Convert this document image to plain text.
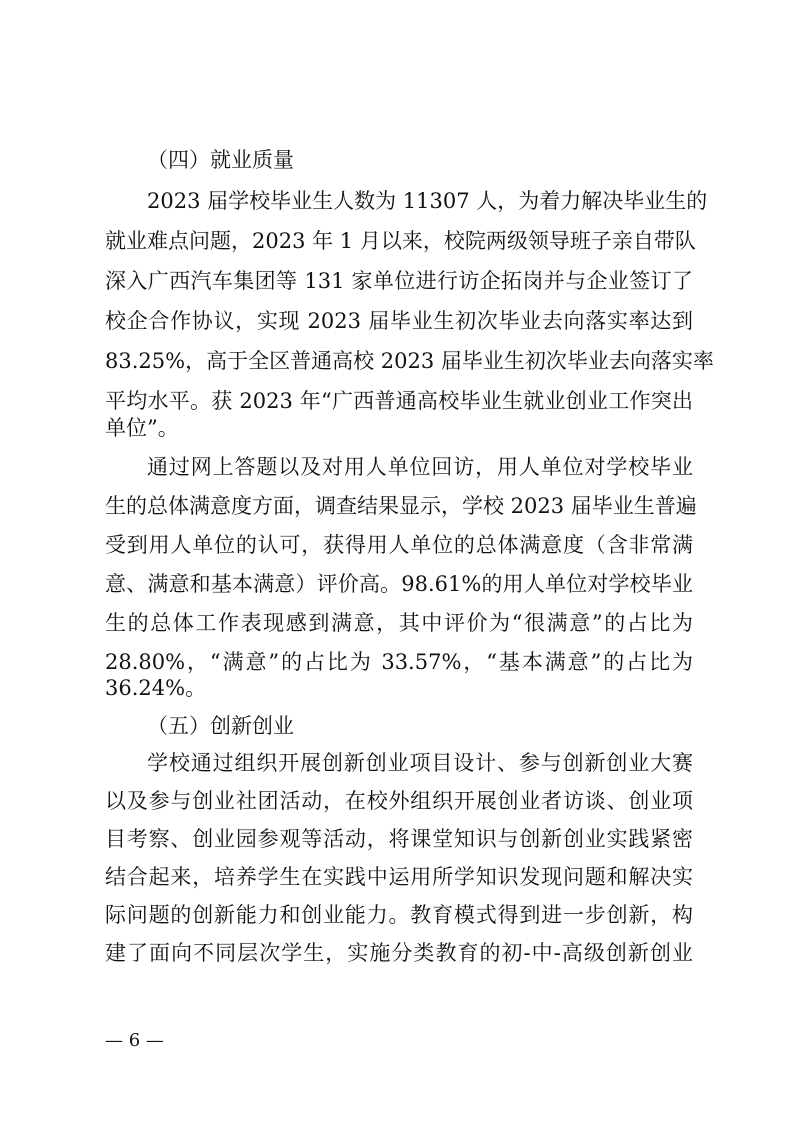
（四）就业质量
2023 届学校毕业生人数为 11307 人，为着力解决毕业生的
就业难点问题，2023 年 1 月以来，校院两级领导班子亲自带队
深入广西汽车集团等 131 家单位进行访企拓岗并与企业签订了
校企合作协议，实现 2023 届毕业生初次毕业去向落实率达到
83.25%，高于全区普通高校 2023 届毕业生初次毕业去向落实率
平均水平。获 2023 年“广西普通高校毕业生就业创业工作突出
单位”。
通过网上答题以及对用人单位回访，用人单位对学校毕业
生的总体满意度方面，调查结果显示，学校 2023 届毕业生普遍
受到用人单位的认可，获得用人单位的总体满意度（含非常满
意、满意和基本满意）评价高。98.61%的用人单位对学校毕业
生的总体工作表现感到满意，其中评价为“很满意”的占比为
28.80%，“满意”的占比为 33.57%，“基本满意”的占比为
36.24%。
（五）创新创业
学校通过组织开展创新创业项目设计、参与创新创业大赛
以及参与创业社团活动，在校外组织开展创业者访谈、创业项
目考察、创业园参观等活动，将课堂知识与创新创业实践紧密
结合起来，培养学生在实践中运用所学知识发现问题和解决实
际问题的创新能力和创业能力。教育模式得到进一步创新，构
建了面向不同层次学生，实施分类教育的初-中-高级创新创业
— 6 —
